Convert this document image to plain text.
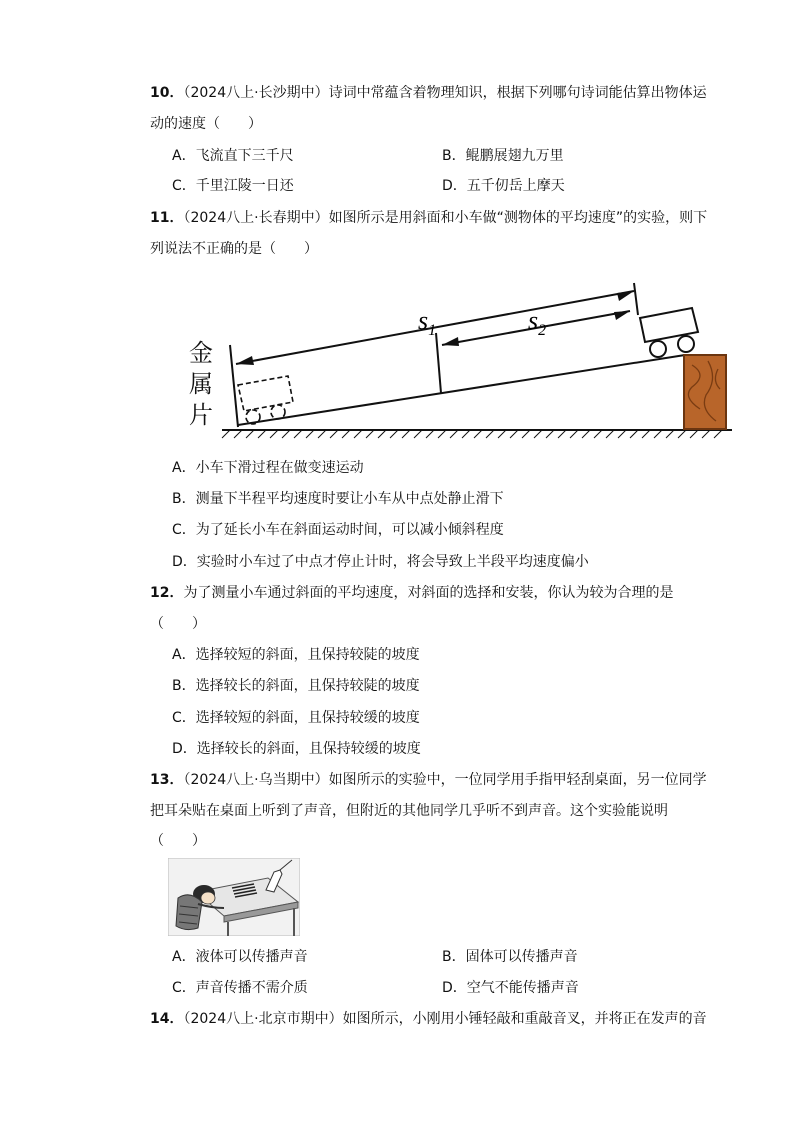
10．（2024八上·长沙期中）诗词中常蕴含着物理知识，根据下列哪句诗词能估算出物体运
动的速度（　　）
A．飞流直下三千尺	B．鲲鹏展翅九万里
C．千里江陵一日还	D．五千仞岳上摩天
11．（2024八上·长春期中）如图所示是用斜面和小车做“测物体的平均速度”的实验，则下
列说法不正确的是（　　）
$s_1$	$s_2$
金
属
片
A．小车下滑过程在做变速运动
B．测量下半程平均速度时要让小车从中点处静止滑下
C．为了延长小车在斜面运动时间，可以减小倾斜程度
D．实验时小车过了中点才停止计时，将会导致上半段平均速度偏小
12．为了测量小车通过斜面的平均速度，对斜面的选择和安装，你认为较为合理的是
（　　）
A．选择较短的斜面，且保持较陡的坡度
B．选择较长的斜面，且保持较陡的坡度
C．选择较短的斜面，且保持较缓的坡度
D．选择较长的斜面，且保持较缓的坡度
13．（2024八上·乌当期中）如图所示的实验中，一位同学用手指甲轻刮桌面，另一位同学
把耳朵贴在桌面上听到了声音，但附近的其他同学几乎听不到声音。这个实验能说明
（　　）
A．液体可以传播声音	B．固体可以传播声音
C．声音传播不需介质	D．空气不能传播声音
14．（2024八上·北京市期中）如图所示，小刚用小锤轻敲和重敲音叉，并将正在发声的音
